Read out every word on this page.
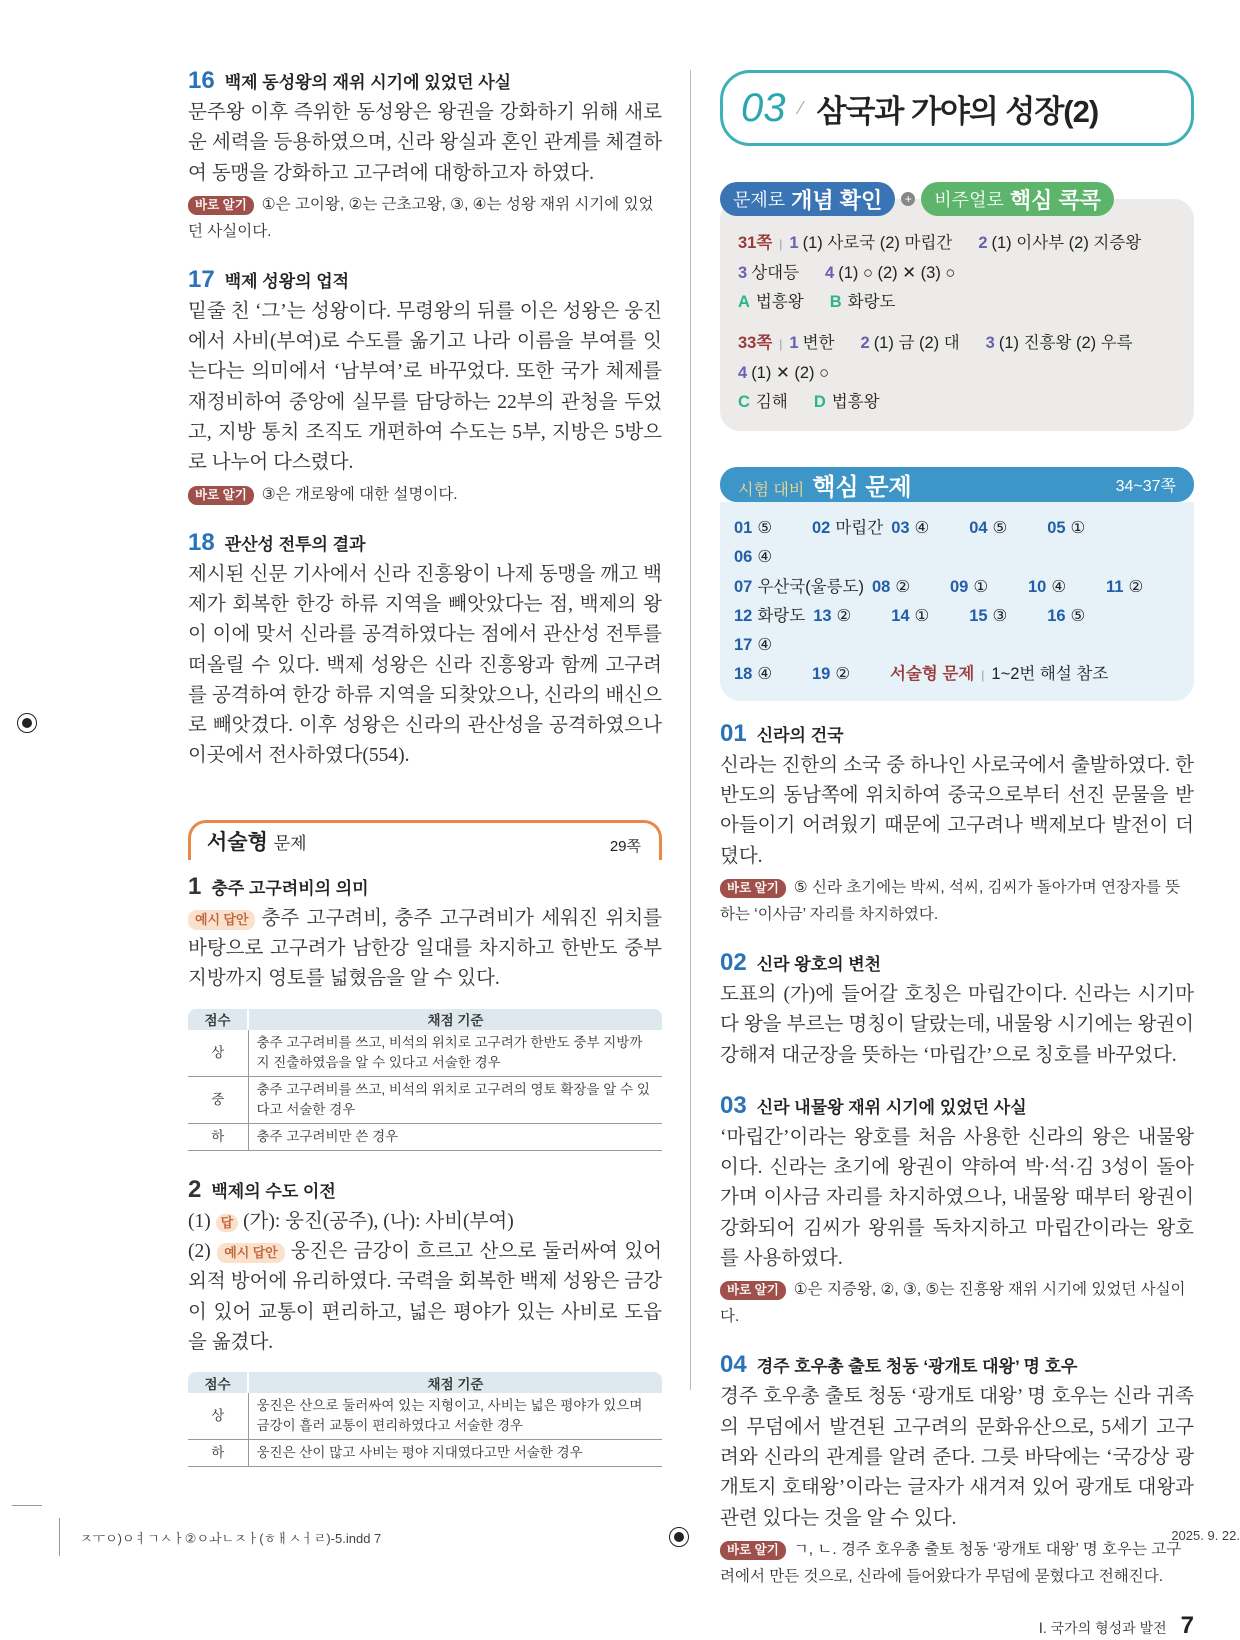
16 백제 동성왕의 재위 시기에 있었던 사실

문주왕 이후 즉위한 동성왕은 왕권을 강화하기 위해 새로운 세력을 등용하였으며, 신라 왕실과 혼인 관계를 체결하여 동맹을 강화하고 고구려에 대항하고자 하였다.

바로 알기 ①은 고이왕, ②는 근초고왕, ③, ④는 성왕 재위 시기에 있었던 사실이다.

17 백제 성왕의 업적

밑줄 친 ‘그’는 성왕이다. 무령왕의 뒤를 이은 성왕은 웅진에서 사비(부여)로 수도를 옮기고 나라 이름을 부여를 잇는다는 의미에서 ‘남부여’로 바꾸었다. 또한 국가 체제를 재정비하여 중앙에 실무를 담당하는 22부의 관청을 두었고, 지방 통치 조직도 개편하여 수도는 5부, 지방은 5방으로 나누어 다스렸다.

바로 알기 ③은 개로왕에 대한 설명이다.

18 관산성 전투의 결과

제시된 신문 기사에서 신라 진흥왕이 나제 동맹을 깨고 백제가 회복한 한강 하류 지역을 빼앗았다는 점, 백제의 왕이 이에 맞서 신라를 공격하였다는 점에서 관산성 전투를 떠올릴 수 있다. 백제 성왕은 신라 진흥왕과 함께 고구려를 공격하여 한강 하류 지역을 되찾았으나, 신라의 배신으로 빼앗겼다. 이후 성왕은 신라의 관산성을 공격하였으나 이곳에서 전사하였다(554).

서술형 문제	29쪽
1 충주 고구려비의 의미

예시 답안 충주 고구려비, 충주 고구려비가 세워진 위치를 바탕으로 고구려가 남한강 일대를 차지하고 한반도 중부 지방까지 영토를 넓혔음을 알 수 있다.

점수	채점 기준
상	충주 고구려비를 쓰고, 비석의 위치로 고구려가 한반도 중부 지방까지 진출하였음을 알 수 있다고 서술한 경우
중	충주 고구려비를 쓰고, 비석의 위치로 고구려의 영토 확장을 알 수 있다고 서술한 경우
하	충주 고구려비만 쓴 경우
2 백제의 수도 이전

(1) 답 (가): 웅진(공주), (나): 사비(부여)

(2) 예시 답안 웅진은 금강이 흐르고 산으로 둘러싸여 있어 외적 방어에 유리하였다. 국력을 회복한 백제 성왕은 금강이 있어 교통이 편리하고, 넓은 평야가 있는 사비로 도읍을 옮겼다.

점수	채점 기준
상	웅진은 산으로 둘러싸여 있는 지형이고, 사비는 넓은 평야가 있으며 금강이 흘러 교통이 편리하였다고 서술한 경우
하	웅진은 산이 많고 사비는 평야 지대였다고만 서술한 경우
03 ⁄ 삼국과 가야의 성장(2)
문제로 개념 확인 + 비주얼로 핵심 콕콕
31쪽 | 1 (1) 사로국 (2) 마립간 2 (1) 이사부 (2) 지증왕
3 상대등 4 (1) ○ (2) ✕ (3) ○
A 법흥왕 B 화랑도
33쪽 | 1 변한 2 (1) 금 (2) 대 3 (1) 진흥왕 (2) 우륵
4 (1) ✕ (2) ○
C 김해 D 법흥왕
시험 대비 핵심 문제	34~37쪽
01 ⑤	02 마립간 03 ④	04 ⑤	05 ①
06 ④
07 우산국(울릉도) 08 ②	09 ①	10 ④	11 ②
12 화랑도 13 ②	14 ①	15 ③	16 ⑤
17 ④
18 ④	19 ②	서술형 문제 | 1~2번 해설 참조
01 신라의 건국

신라는 진한의 소국 중 하나인 사로국에서 출발하였다. 한반도의 동남쪽에 위치하여 중국으로부터 선진 문물을 받아들이기 어려웠기 때문에 고구려나 백제보다 발전이 더뎠다.

바로 알기 ⑤ 신라 초기에는 박씨, 석씨, 김씨가 돌아가며 연장자를 뜻하는 ‘이사금’ 자리를 차지하였다.

02 신라 왕호의 변천

도표의 (가)에 들어갈 호칭은 마립간이다. 신라는 시기마다 왕을 부르는 명칭이 달랐는데, 내물왕 시기에는 왕권이 강해져 대군장을 뜻하는 ‘마립간’으로 칭호를 바꾸었다.

03 신라 내물왕 재위 시기에 있었던 사실

‘마립간’이라는 왕호를 처음 사용한 신라의 왕은 내물왕이다. 신라는 초기에 왕권이 약하여 박·석·김 3성이 돌아가며 이사금 자리를 차지하였으나, 내물왕 때부터 왕권이 강화되어 김씨가 왕위를 독차지하고 마립간이라는 왕호를 사용하였다.

바로 알기 ①은 지증왕, ②, ③, ⑤는 진흥왕 재위 시기에 있었던 사실이다.

04 경주 호우총 출토 청동 ‘광개토 대왕’ 명 호우

경주 호우총 출토 청동 ‘광개토 대왕’ 명 호우는 신라 귀족의 무덤에서 발견된 고구려의 문화유산으로, 5세기 고구려와 신라의 관계를 알려 준다. 그릇 바닥에는 ‘국강상 광개토지 호태왕’이라는 글자가 새겨져 있어 광개토 대왕과 관련 있다는 것을 알 수 있다.

바로 알기 ㄱ, ㄴ. 경주 호우총 출토 청동 ‘광개토 대왕’ 명 호우는 고구려에서 만든 것으로, 신라에 들어왔다가 무덤에 묻혔다고 전해진다.

Ⅰ. 국가의 형성과 발전 7
ㅈㅜㅇ)ㅇㅕㄱㅅㅏ②ㅇㅘㄴㅈㅏ(ㅎㅐㅅㅓㄹ)-5.indd 7	2025. 9. 22.
